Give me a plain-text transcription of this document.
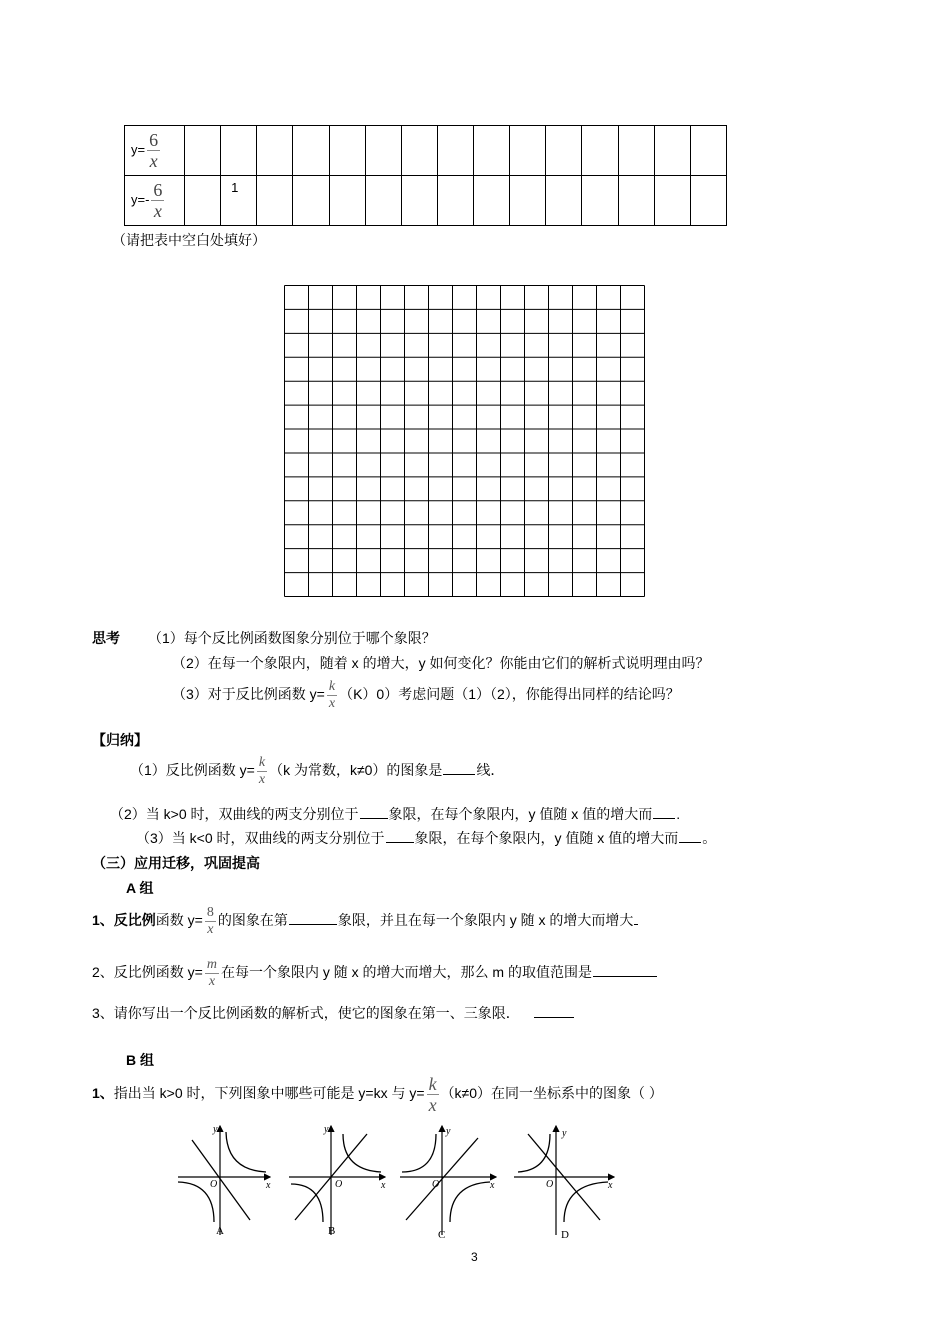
$y= \frac{6}{x}$

$y=- \frac{6}{x}$		1													
（请把表中空白处填好）
思考 （1）每个反比例函数图象分别位于哪个象限？
（2）在每一个象限内，随着 x 的增大，y 如何变化？你能由它们的解析式说明理由吗？
（3）对于反比例函数 $y= \frac{k}{x} (K)0$）考虑问题（1）（2），你能得出同样的结论吗？
【归纳】
（1）反比例函数 $y= \frac{k}{x} (k$ 为常数，k≠0）的图象是 线．
（2）当 k>0 时，双曲线的两支分别位于 象限，在每个象限内，y 值随 x 值的增大而 .
（3）当 k<0 时，双曲线的两支分别位于 象限，在每个象限内，y 值随 x 值的增大而 。
（三）应用迁移，巩固提高
A 组
1、反比例函数 $y= \frac{8}{x}$ 的图象在第	象限，并且在每一个象限内 y 随 x 的增大而增大
2、反比例函数 $y= \frac{m}{x}$ 在每一个象限内 y 随 x 的增大而增大，那么 m 的取值范围是
3、请你写出一个反比例函数的解析式，使它的图象在第一、三象限．
B 组
1、指出当 k>0 时，下列图象中哪些可能是 y=kx 与 $y= \frac{k}{x} (k\ne 0)$在同一坐标系中的图象（ ）
y
x
O
A
y
x
O
B
y
x
O
C
y
x
O
D
3
